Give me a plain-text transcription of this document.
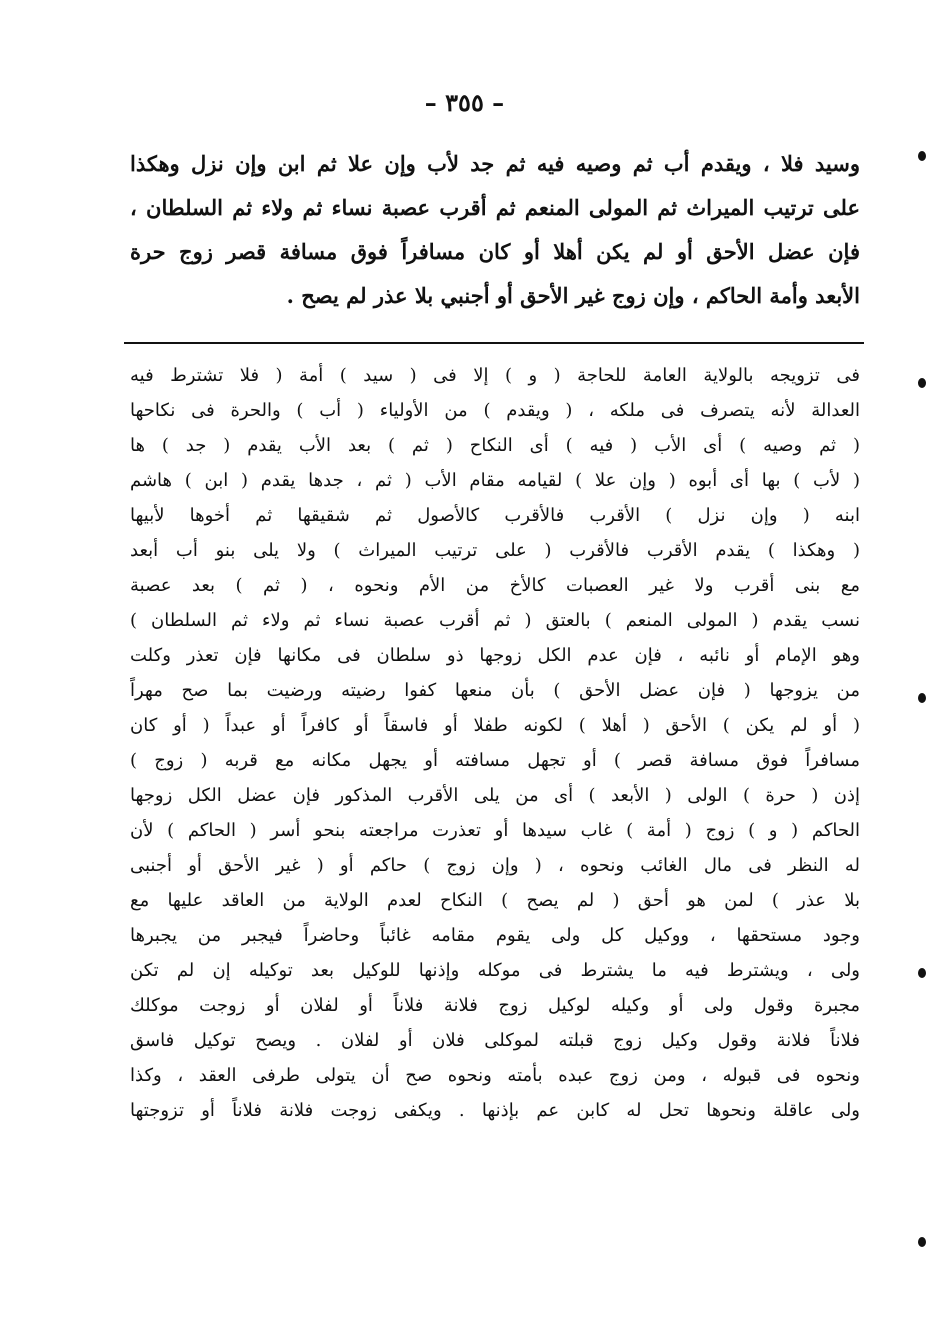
– ٣٥٥ –
وسيد فلا ، ويقدم أب ثم وصيه فيه ثم جد لأب وإن علا ثم ابن وإن نزل وهكذا
على ترتيب الميراث ثم المولى المنعم ثم أقرب عصبة نساء ثم ولاء ثم السلطان ،
فإن عضل الأحق أو لم يكن أهلا أو كان مسافراً فوق مسافة قصر زوج حرة
الأبعد وأمة الحاكم ، وإن زوج غير الأحق أو أجنبي بلا عذر لم يصح .
فى تزويجه بالولاية العامة للحاجة ( و ) إلا فى ( سيد ) أمة ( فلا تشترط فيه
العدالة لأنه يتصرف فى ملكه ، ( ويقدم ) من الأولياء ( أب ) والحرة فى نكاحها
( ثم وصيه ) أى الأب ( فيه ) أى النكاح ( ثم ) بعد الأب يقدم ( جد ) ها
( لأب ) بها أى أبوه ( وإن علا ) لقيامه مقام الأب ( ثم ، جدها يقدم ( ابن ) هاشم
ابنه ( وإن نزل ) الأقرب فالأقرب كالأصول ثم شقيقها ثم أخوها لأبيها
( وهكذا ) يقدم الأقرب فالأقرب ( على ترتيب الميراث ) ولا يلى بنو أب أبعد
مع بنى أقرب ولا غير العصبات كالأخ من الأم ونحوه ، ( ثم ) بعد عصبة
نسب يقدم ( المولى المنعم ) بالعتق ( ثم أقرب عصبة نساء ثم ولاء ثم السلطان )
وهو الإمام أو نائبه ، فإن عدم الكل زوجها ذو سلطان فى مكانها فإن تعذر وكلت
من يزوجها ( فإن عضل الأحق ) بأن منعها كفوا رضيته ورضيت بما صح مهراً
( أو لم يكن ) الأحق ( أهلا ) لكونه طفلا أو فاسقاً أو كافراً أو عبداً ( أو كان
مسافراً فوق مسافة قصر ) أو تجهل مسافته أو يجهل مكانه مع قربه ( زوج )
إذن ( حرة ) الولى ( الأبعد ) أى من يلى الأقرب المذكور فإن عضل الكل زوجها
الحاكم ( و ) زوج ( أمة ) غاب سيدها أو تعذرت مراجعته بنحو أسر ( الحاكم ) لأن
له النظر فى مال الغائب ونحوه ، ( وإن زوج ) حاكم أو ( غير الأحق أو أجنبى
بلا عذر ) لمن هو أحق ( لم يصح ) النكاح لعدم الولاية من العاقد عليها مع
وجود مستحقها ، ووكيل كل ولى يقوم مقامه غائباً وحاضراً فيجبر من يجبرها
ولى ، ويشترط فيه ما يشترط فى موكله وإذنها للوكيل بعد توكيله إن لم تكن
مجبرة وقول ولى أو وكيله لوكيل زوج فلانة فلاناً أو لفلان أو زوجت موكلك
فلاناً فلانة وقول وكيل زوج قبلته لموكلى فلان أو لفلان . ويصح توكيل فاسق
ونحوه فى قبوله ، ومن زوج عبده بأمته ونحوه صح أن يتولى طرفى العقد ، وكذا
ولى عاقلة ونحوها تحل له كابن عم بإذنها . ويكفى زوجت فلانة فلاناً أو تزوجتها
